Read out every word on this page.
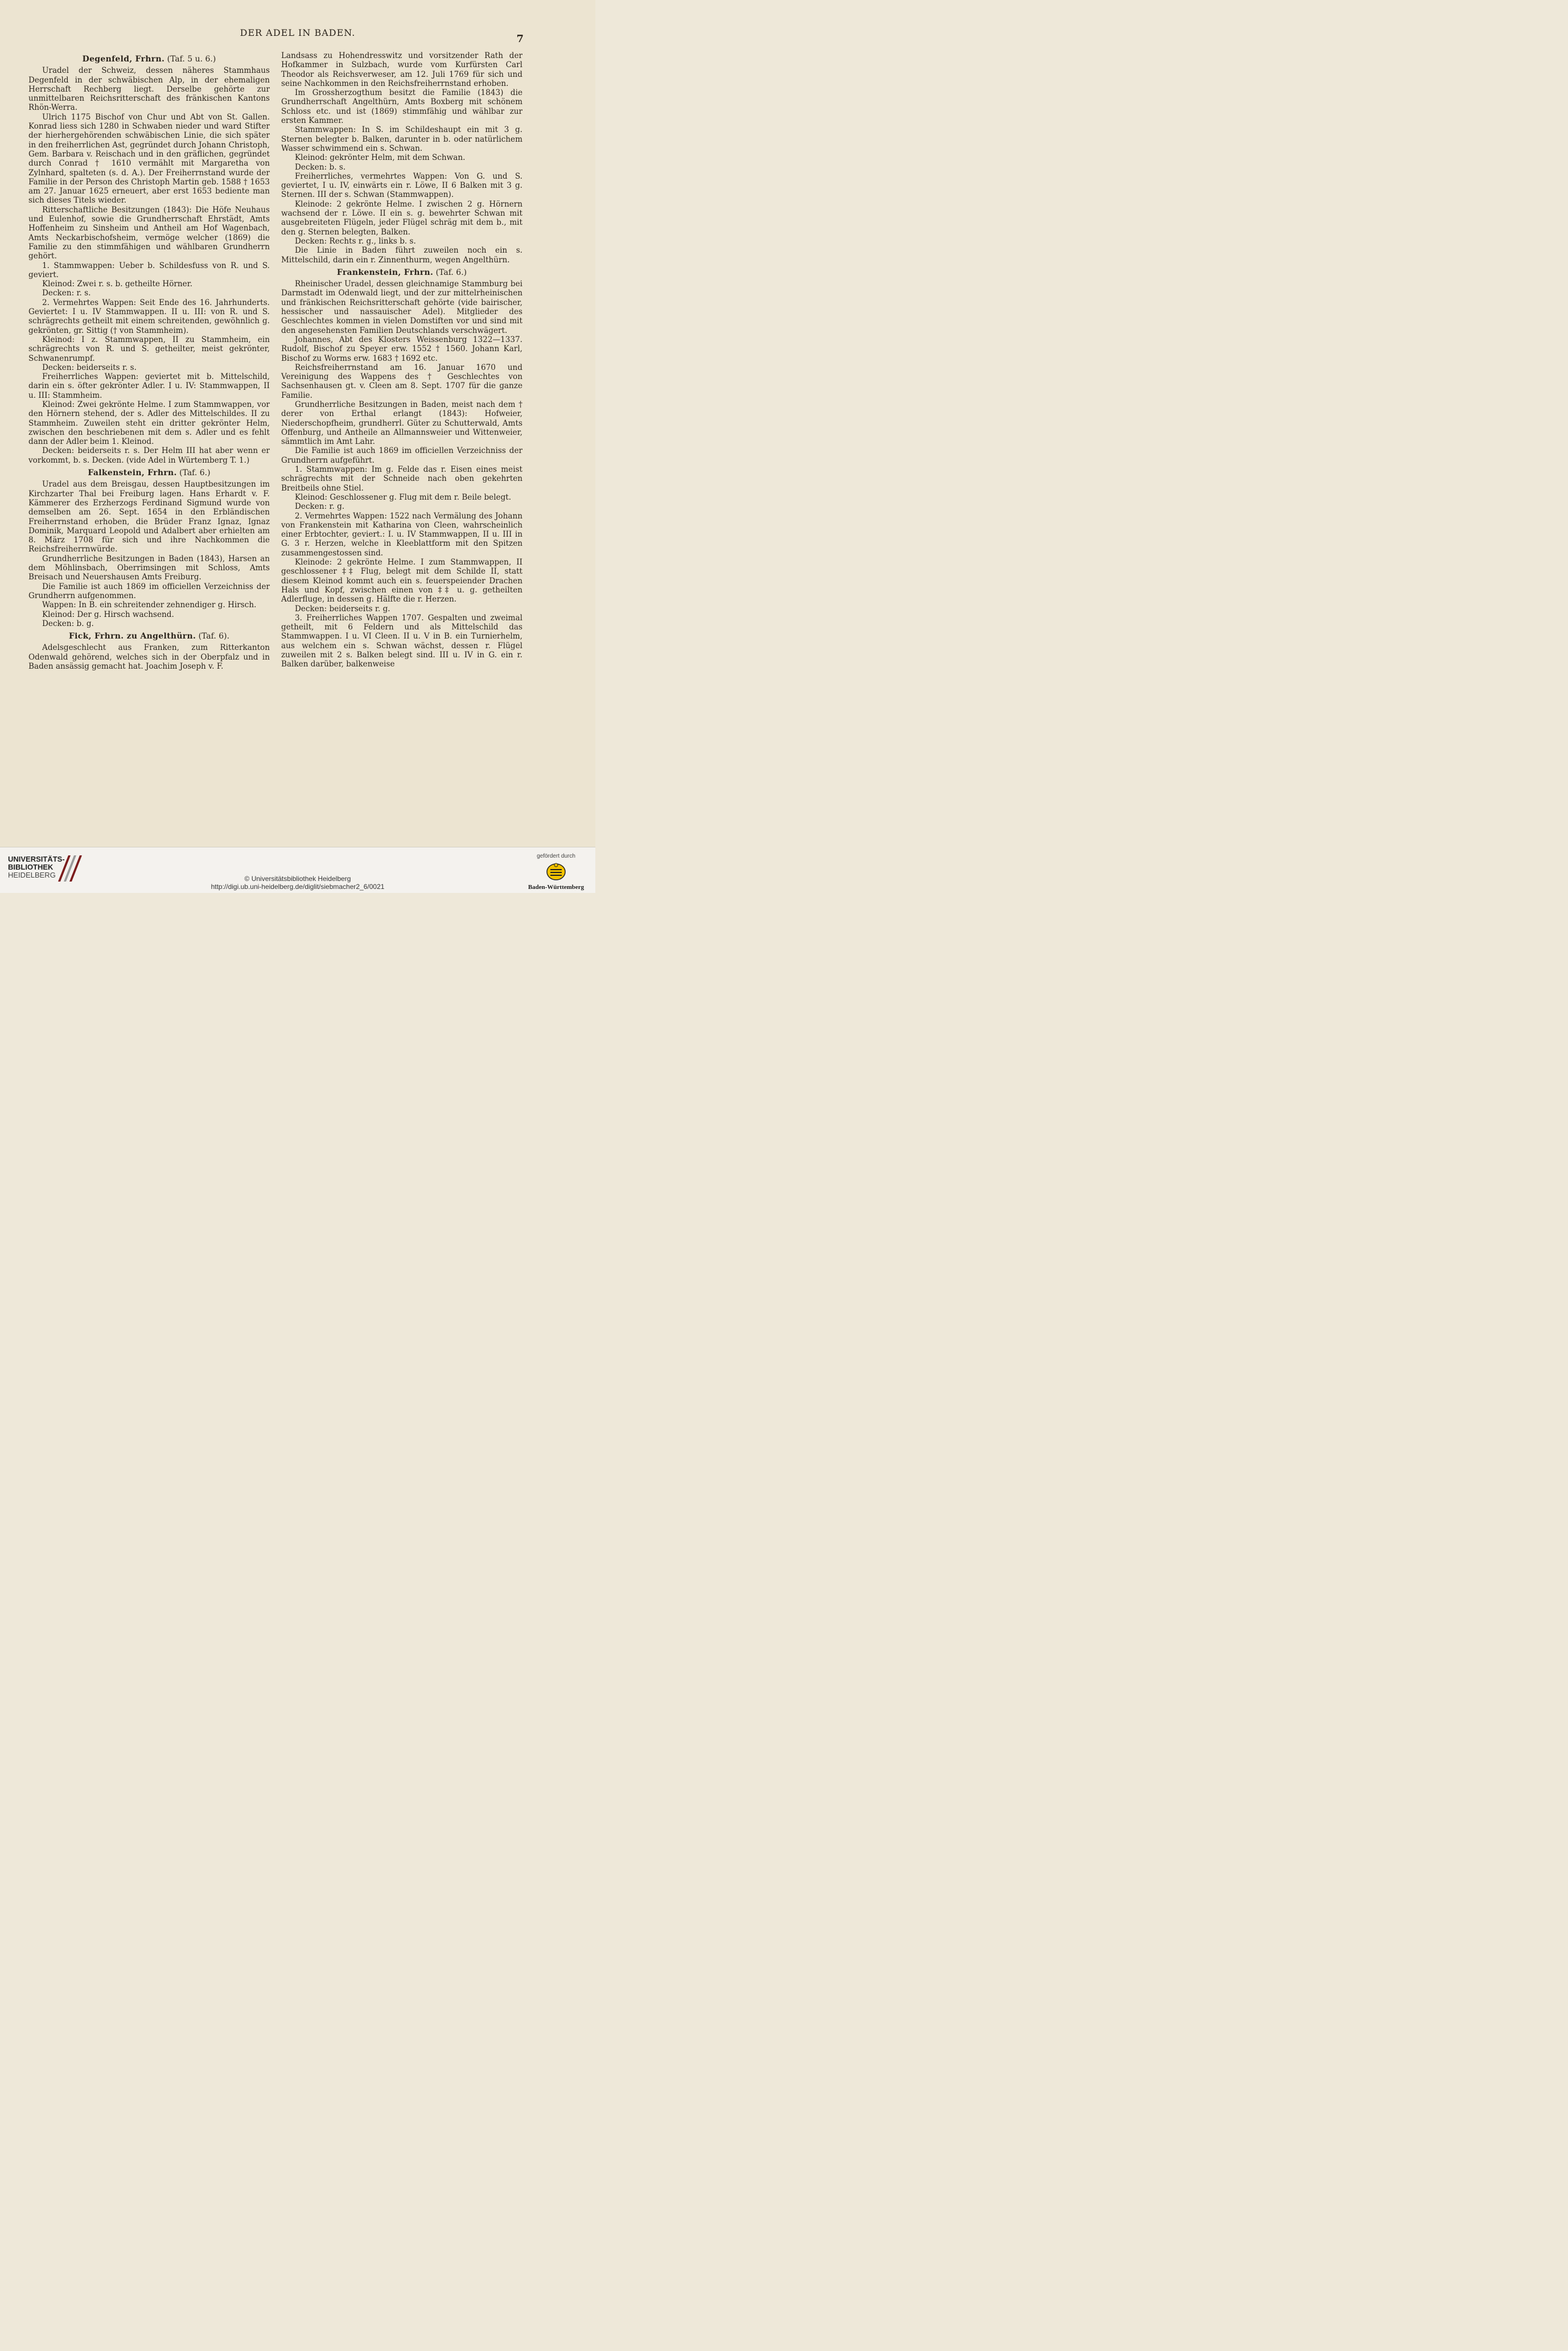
DER ADEL IN BADEN.
7
Degenfeld, Frhrn. (Taf. 5 u. 6.)

Uradel der Schweiz, dessen näheres Stammhaus Degenfeld in der schwäbischen Alp, in der ehemaligen Herrschaft Rechberg liegt. Derselbe gehörte zur unmittelbaren Reichsritterschaft des fränkischen Kantons Rhön-Werra.

Ulrich 1175 Bischof von Chur und Abt von St. Gallen. Konrad liess sich 1280 in Schwaben nieder und ward Stifter der hierhergehörenden schwäbischen Linie, die sich später in den freiherrlichen Ast, gegründet durch Johann Christoph, Gem. Barbara v. Reischach und in den gräflichen, gegründet durch Conrad † 1610 vermählt mit Margaretha von Zylnhard, spalteten (s. d. A.). Der Freiherrnstand wurde der Familie in der Person des Christoph Martin geb. 1588 † 1653 am 27. Januar 1625 erneuert, aber erst 1653 bediente man sich dieses Titels wieder.

Ritterschaftliche Besitzungen (1843): Die Höfe Neuhaus und Eulenhof, sowie die Grundherrschaft Ehrstädt, Amts Hoffenheim zu Sinsheim und Antheil am Hof Wagenbach, Amts Neckarbischofsheim, vermöge welcher (1869) die Familie zu den stimmfähigen und wählbaren Grundherrn gehört.

1. Stammwappen: Ueber b. Schildesfuss von R. und S. geviert.

Kleinod: Zwei r. s. b. getheilte Hörner.

Decken: r. s.

2. Vermehrtes Wappen: Seit Ende des 16. Jahrhunderts. Geviertet: I u. IV Stammwappen. II u. III: von R. und S. schrägrechts getheilt mit einem schreitenden, gewöhnlich g. gekrönten, gr. Sittig († von Stammheim).

Kleinod: I z. Stammwappen, II zu Stammheim, ein schrägrechts von R. und S. getheilter, meist gekrönter, Schwanenrumpf.

Decken: beiderseits r. s.

Freiherrliches Wappen: geviertet mit b. Mittelschild, darin ein s. öfter gekrönter Adler. I u. IV: Stammwappen, II u. III: Stammheim.

Kleinod: Zwei gekrönte Helme. I zum Stammwappen, vor den Hörnern stehend, der s. Adler des Mittelschildes. II zu Stammheim. Zuweilen steht ein dritter gekrönter Helm, zwischen den beschriebenen mit dem s. Adler und es fehlt dann der Adler beim 1. Kleinod.

Decken: beiderseits r. s. Der Helm III hat aber wenn er vorkommt, b. s. Decken. (vide Adel in Würtemberg T. 1.)

Falkenstein, Frhrn. (Taf. 6.)

Uradel aus dem Breisgau, dessen Hauptbesitzungen im Kirchzarter Thal bei Freiburg lagen. Hans Erhardt v. F. Kämmerer des Erzherzogs Ferdinand Sigmund wurde von demselben am 26. Sept. 1654 in den Erbländischen Freiherrnstand erhoben, die Brüder Franz Ignaz, Ignaz Dominik, Marquard Leopold und Adalbert aber erhielten am 8. März 1708 für sich und ihre Nachkommen die Reichsfreiherrnwürde.

Grundherrliche Besitzungen in Baden (1843), Harsen an dem Möhlinsbach, Oberrimsingen mit Schloss, Amts Breisach und Neuershausen Amts Freiburg.

Die Familie ist auch 1869 im officiellen Verzeichniss der Grundherrn aufgenommen.

Wappen: In B. ein schreitender zehnendiger g. Hirsch.

Kleinod: Der g. Hirsch wachsend.

Decken: b. g.

Fick, Frhrn. zu Angelthürn. (Taf. 6).

Adelsgeschlecht aus Franken, zum Ritterkanton Odenwald gehörend, welches sich in der Oberpfalz und in Baden ansässig gemacht hat. Joachim Joseph v. F.

Landsass zu Hohendresswitz und vorsitzender Rath der Hofkammer in Sulzbach, wurde vom Kurfürsten Carl Theodor als Reichsverweser, am 12. Juli 1769 für sich und seine Nachkommen in den Reichsfreiherrnstand erhoben.

Im Grossherzogthum besitzt die Familie (1843) die Grundherrschaft Angelthürn, Amts Boxberg mit schönem Schloss etc. und ist (1869) stimmfähig und wählbar zur ersten Kammer.

Stammwappen: In S. im Schildeshaupt ein mit 3 g. Sternen belegter b. Balken, darunter in b. oder natürlichem Wasser schwimmend ein s. Schwan.

Kleinod: gekrönter Helm, mit dem Schwan.

Decken: b. s.

Freiherrliches, vermehrtes Wappen: Von G. und S. geviertet, I u. IV, einwärts ein r. Löwe, II 6 Balken mit 3 g. Sternen. III der s. Schwan (Stammwappen).

Kleinode: 2 gekrönte Helme. I zwischen 2 g. Hörnern wachsend der r. Löwe. II ein s. g. bewehrter Schwan mit ausgebreiteten Flügeln, jeder Flügel schräg mit dem b., mit den g. Sternen belegten, Balken.

Decken: Rechts r. g., links b. s.

Die Linie in Baden führt zuweilen noch ein s. Mittelschild, darin ein r. Zinnenthurm, wegen Angelthürn.

Frankenstein, Frhrn. (Taf. 6.)

Rheinischer Uradel, dessen gleichnamige Stammburg bei Darmstadt im Odenwald liegt, und der zur mittelrheinischen und fränkischen Reichsritterschaft gehörte (vide bairischer, hessischer und nassauischer Adel). Mitglieder des Geschlechtes kommen in vielen Domstiften vor und sind mit den angesehensten Familien Deutschlands verschwägert.

Johannes, Abt des Klosters Weissenburg 1322—1337. Rudolf, Bischof zu Speyer erw. 1552 † 1560. Johann Karl, Bischof zu Worms erw. 1683 † 1692 etc.

Reichsfreiherrnstand am 16. Januar 1670 und Vereinigung des Wappens des † Geschlechtes von Sachsenhausen gt. v. Cleen am 8. Sept. 1707 für die ganze Familie.

Grundherrliche Besitzungen in Baden, meist nach dem † derer von Erthal erlangt (1843): Hofweier, Niederschopfheim, grundherrl. Güter zu Schutterwald, Amts Offenburg, und Antheile an Allmannsweier und Wittenweier, sämmtlich im Amt Lahr.

Die Familie ist auch 1869 im officiellen Verzeichniss der Grundherrn aufgeführt.

1. Stammwappen: Im g. Felde das r. Eisen eines meist schrägrechts mit der Schneide nach oben gekehrten Breitbeils ohne Stiel.

Kleinod: Geschlossener g. Flug mit dem r. Beile belegt.

Decken: r. g.

2. Vermehrtes Wappen: 1522 nach Vermälung des Johann von Frankenstein mit Katharina von Cleen, wahrscheinlich einer Erbtochter, geviert.: I. u. IV Stammwappen, II u. III in G. 3 r. Herzen, welche in Kleeblattform mit den Spitzen zusammengestossen sind.

Kleinode: 2 gekrönte Helme. I zum Stammwappen, II geschlossener ‡‡ Flug, belegt mit dem Schilde II, statt diesem Kleinod kommt auch ein s. feuerspeiender Drachen Hals und Kopf, zwischen einen von ‡‡ u. g. getheilten Adlerfluge, in dessen g. Hälfte die r. Herzen.

Decken: beiderseits r. g.

3. Freiherrliches Wappen 1707. Gespalten und zweimal getheilt, mit 6 Feldern und als Mittelschild das Stammwappen. I u. VI Cleen. II u. V in B. ein Turnierhelm, aus welchem ein s. Schwan wächst, dessen r. Flügel zuweilen mit 2 s. Balken belegt sind. III u. IV in G. ein r. Balken darüber, balkenweise

UNIVERSITÄTS-
BIBLIOTHEK
HEIDELBERG	© Universitätsbibliothek Heidelberg
http://digi.ub.uni-heidelberg.de/diglit/siebmacher2_6/0021
gefördert durch
Baden-Württemberg
